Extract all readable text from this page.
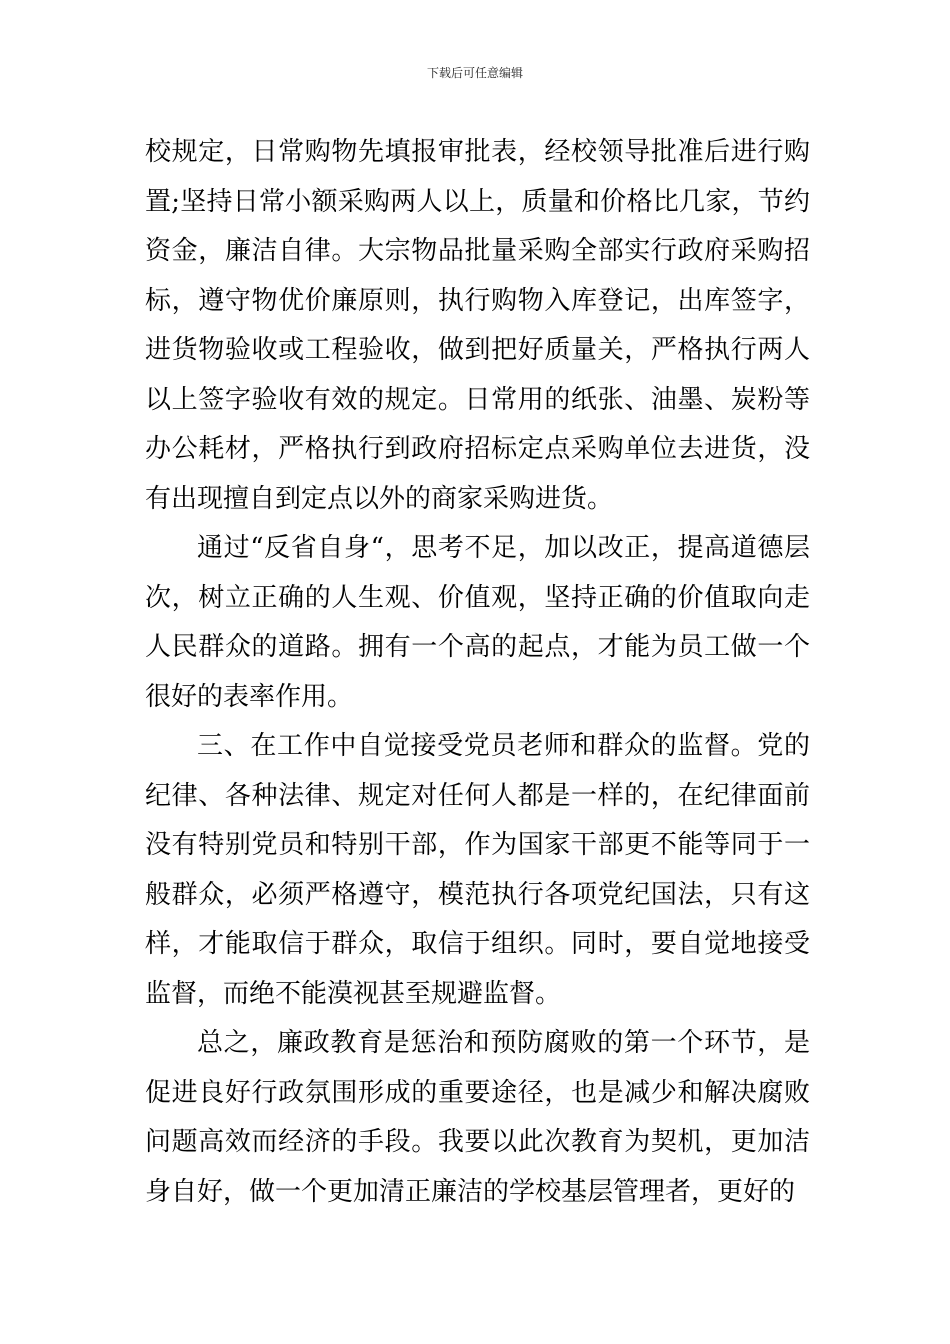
下载后可任意编辑

校规定，日常购物先填报审批表，经校领导批准后进行购置;坚持日常小额采购两人以上，质量和价格比几家，节约资金，廉洁自律。大宗物品批量采购全部实行政府采购招标，遵守物优价廉原则，执行购物入库登记，出库签字，进货物验收或工程验收，做到把好质量关，严格执行两人以上签字验收有效的规定。日常用的纸张、油墨、炭粉等办公耗材，严格执行到政府招标定点采购单位去进货，没有出现擅自到定点以外的商家采购进货。

通过“反省自身“，思考不足，加以改正，提高道德层次，树立正确的人生观、价值观，坚持正确的价值取向走人民群众的道路。拥有一个高的起点，才能为员工做一个很好的表率作用。

三、在工作中自觉接受党员老师和群众的监督。党的纪律、各种法律、规定对任何人都是一样的，在纪律面前没有特别党员和特别干部，作为国家干部更不能等同于一般群众，必须严格遵守，模范执行各项党纪国法，只有这样，才能取信于群众，取信于组织。同时，要自觉地接受监督，而绝不能漠视甚至规避监督。

总之，廉政教育是惩治和预防腐败的第一个环节，是促进良好行政氛围形成的重要途径，也是减少和解决腐败问题高效而经济的手段。我要以此次教育为契机，更加洁身自好，做一个更加清正廉洁的学校基层管理者，更好的
